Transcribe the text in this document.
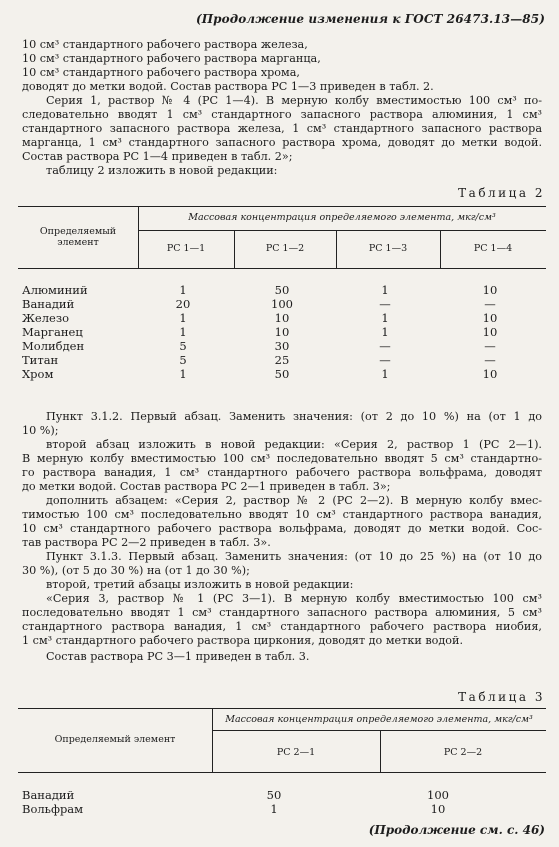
(Продолжение изменения к ГОСТ 26473.13—85)
10 см³ стандартного рабочего раствора железа,
10 см³ стандартного рабочего раствора марганца,
10 см³ стандартного рабочего раствора хрома,
доводят до метки водой. Состав раствора РС 1—3 приведен в табл. 2.
Серия 1, раствор № 4 (РС 1—4). В мерную колбу вместимостью 100 см³ по-
следовательно вводят 1 см³ стандартного запасного раствора алюминия, 1 см³
стандартного запасного раствора железа, 1 см³ стандартного запасного раствора
марганца, 1 см³ стандартного запасного раствора хрома, доводят до метки водой.
Состав раствора РС 1—4 приведен в табл. 2»;
таблицу 2 изложить в новой редакции:
Таблица 2
Определяемый элемент
Массовая концентрация определяемого элемента, мкг/см³
РС 1—1	РС 1—2	РС 1—3	РС 1—4
Алюминий	1	50	1	10
Ванадий	20	100	—	—
Железо	1	10	1	10
Марганец	1	10	1	10
Молибден	5	30	—	—
Титан	5	25	—	—
Хром	1	50	1	10
Пункт 3.1.2. Первый абзац. Заменить значения: (от 2 до 10 %) на (от 1 до
10 %);
второй абзац изложить в новой редакции: «Серия 2, раствор 1 (РС 2—1).
В мерную колбу вместимостью 100 см³ последовательно вводят 5 см³ стандартно-
го раствора ванадия, 1 см³ стандартного рабочего раствора вольфрама, доводят
до метки водой. Состав раствора РС 2—1 приведен в табл. 3»;
дополнить абзацем: «Серия 2, раствор № 2 (РС 2—2). В мерную колбу вмес-
тимостью 100 см³ последовательно вводят 10 см³ стандартного раствора ванадия,
10 см³ стандартного рабочего раствора вольфрама, доводят до метки водой. Сос-
тав раствора РС 2—2 приведен в табл. 3».
Пункт 3.1.3. Первый абзац. Заменить значения: (от 10 до 25 %) на (от 10 до
30 %), (от 5 до 30 %) на (от 1 до 30 %);
второй, третий абзацы изложить в новой редакции:
«Серия 3, раствор № 1 (РС 3—1). В мерную колбу вместимостью 100 см³
последовательно вводят 1 см³ стандартного запасного раствора алюминия, 5 см³
стандартного раствора ванадия, 1 см³ стандартного рабочего раствора ниобия,
1 см³ стандартного рабочего раствора циркония, доводят до метки водой.
Состав раствора РС 3—1 приведен в табл. 3.
Таблица 3
Определяемый элемент
Массовая концентрация определяемого элемента, мкг/см³
РС 2—1	РС 2—2
Ванадий	50	100
Вольфрам	1	10
(Продолжение см. с. 46)
